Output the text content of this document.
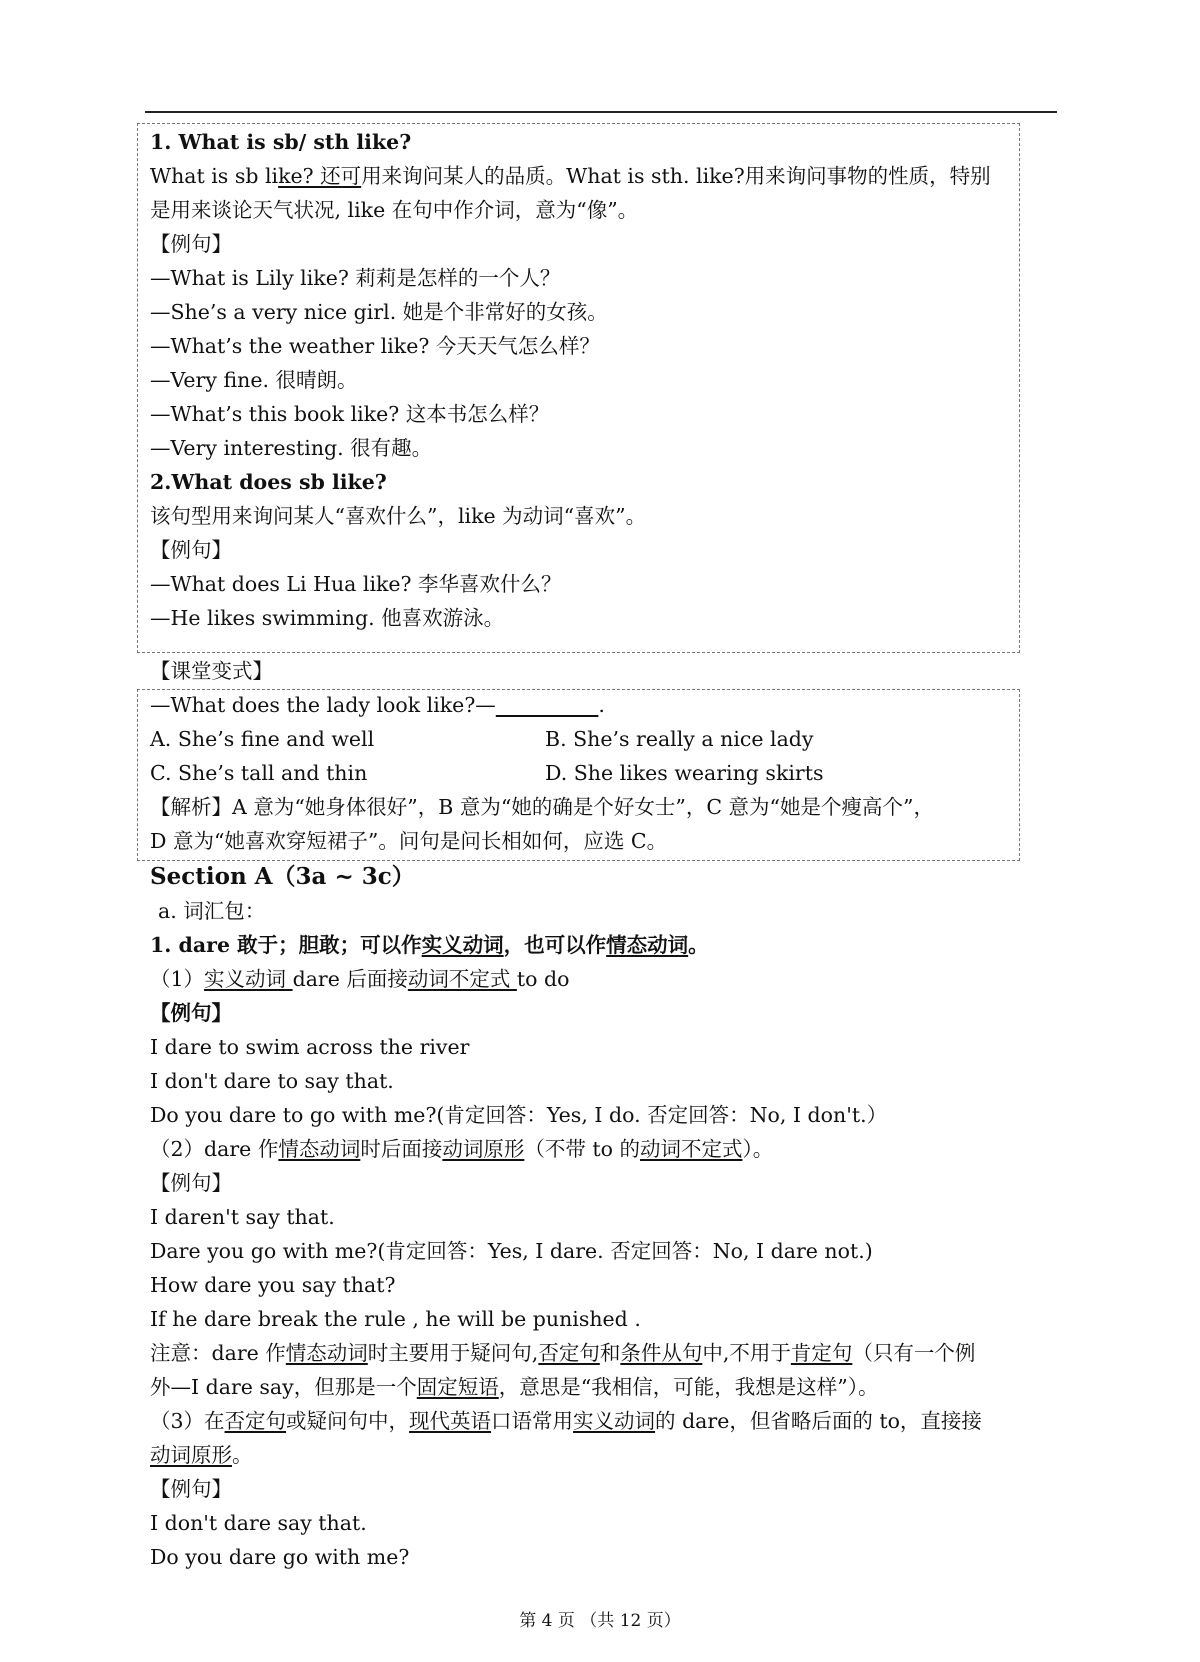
1. What is sb/ sth like?
What is sb like? 还可用来询问某人的品质。What is sth. like?用来询问事物的性质，特别
是用来谈论天气状况, like 在句中作介词，意为“像”。
【例句】
—What is Lily like? 莉莉是怎样的一个人？
—She’s a very nice girl. 她是个非常好的女孩。
—What’s the weather like? 今天天气怎么样？
—Very fine. 很晴朗。
—What’s this book like? 这本书怎么样？
—Very interesting. 很有趣。
2.What does sb like?
该句型用来询问某人“喜欢什么”，like 为动词“喜欢”。
【例句】
—What does Li Hua like? 李华喜欢什么？
—He likes swimming. 他喜欢游泳。
【课堂变式】
—What does the lady look like?—__________.
A. She’s fine and well	B. She’s really a nice lady
C. She’s tall and thin	D. She likes wearing skirts
【解析】A 意为“她身体很好”，B 意为“她的确是个好女士”，C 意为“她是个瘦高个”，
D 意为“她喜欢穿短裙子”。问句是问长相如何，应选 C。
Section A（3a ~ 3c）
a. 词汇包：
1. dare 敢于；胆敢；可以作实义动词，也可以作情态动词。
（1）实义动词 dare 后面接动词不定式 to do
【例句】
I dare to swim across the river
I don't dare to say that.
Do you dare to go with me?(肯定回答：Yes, I do. 否定回答：No, I don't.）
（2）dare 作情态动词时后面接动词原形（不带 to 的动词不定式）。
【例句】
I daren't say that.
Dare you go with me?(肯定回答：Yes, I dare. 否定回答：No, I dare not.)
How dare you say that?
If he dare break the rule , he will be punished .
注意：dare 作情态动词时主要用于疑问句,否定句和条件从句中,不用于肯定句（只有一个例
外—I dare say，但那是一个固定短语，意思是“我相信，可能，我想是这样”）。
（3）在否定句或疑问句中，现代英语口语常用实义动词的 dare，但省略后面的 to，直接接
动词原形。
【例句】
I don't dare say that.
Do you dare go with me?
第 4 页 （共 12 页）
